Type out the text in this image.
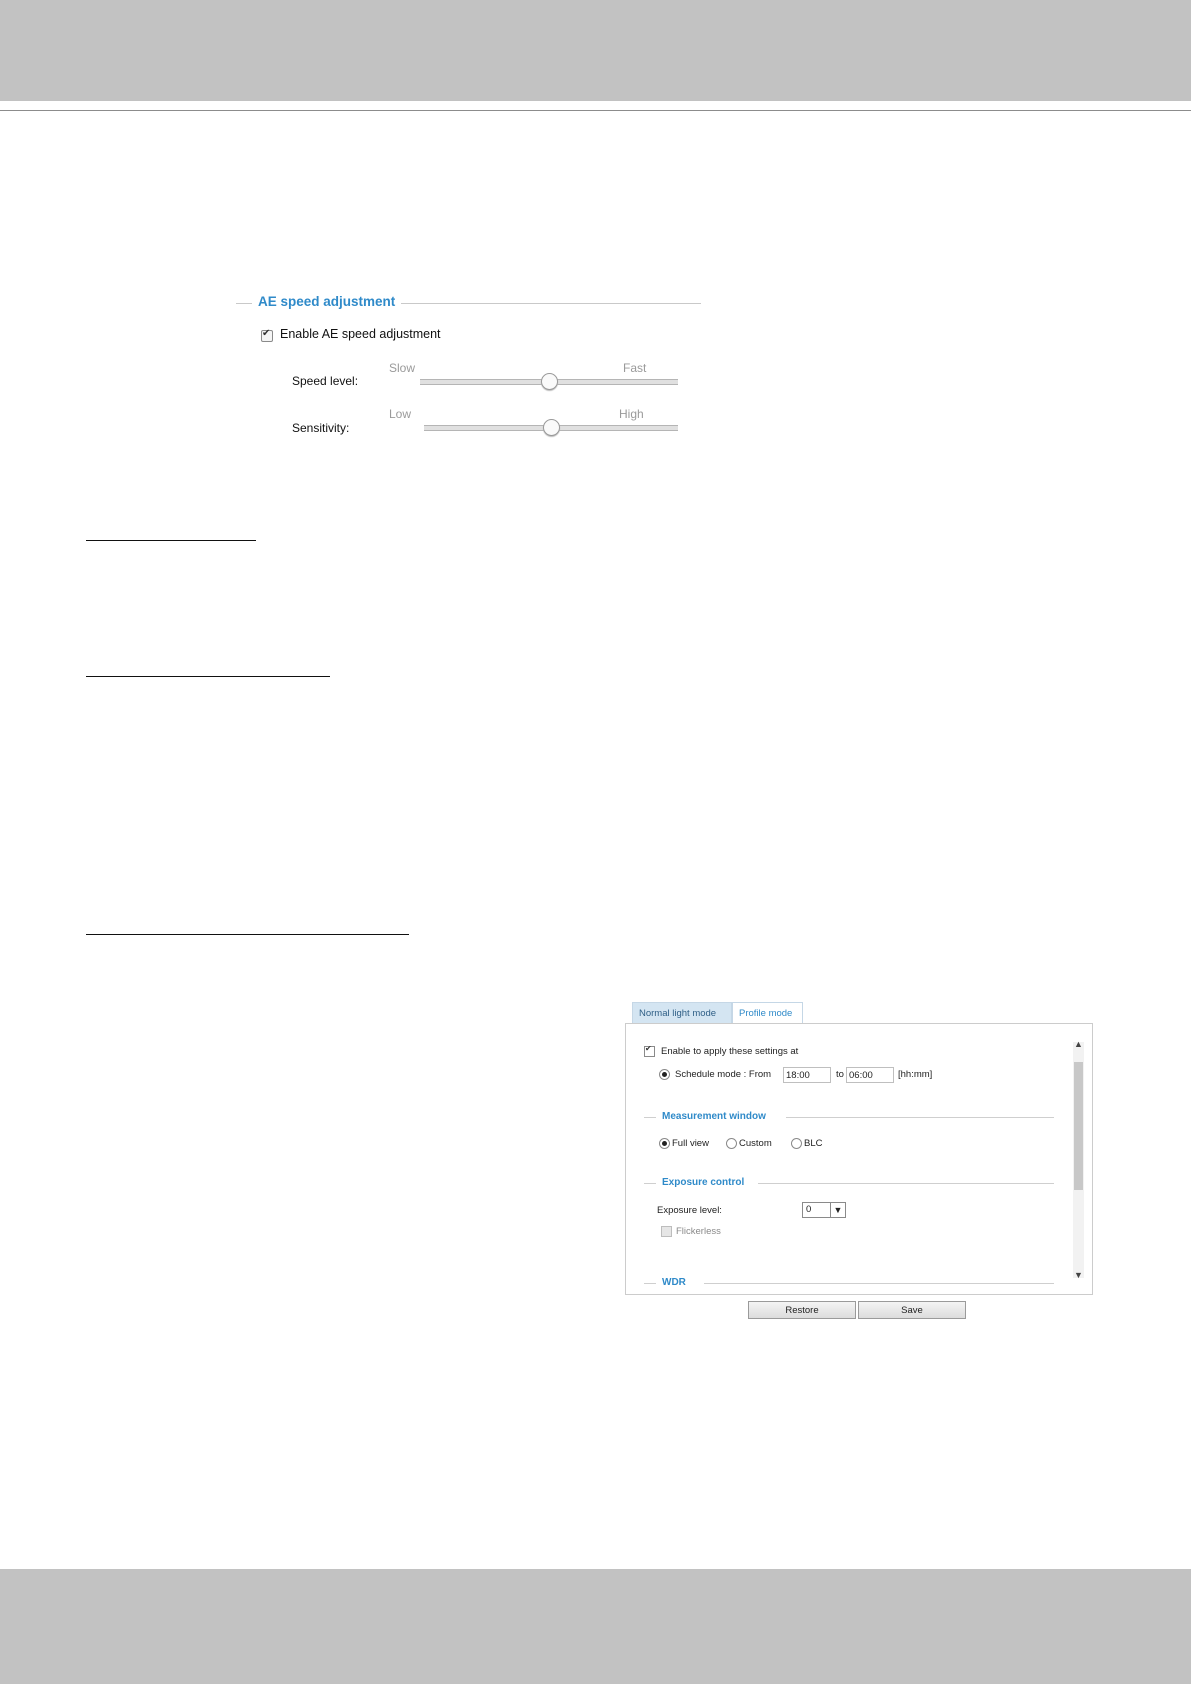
AE speed adjustment
✔
Enable AE speed adjustment
Slow	Fast
Speed level:
Low	High
Sensitivity:
Normal light mode	Profile mode
✔
Enable to apply these settings at
Schedule mode : From	18:00	to 06:00	[hh:mm]
Measurement window
Full view	Custom	BLC
Exposure control
Exposure level:	0	▼
Flickerless
WDR
▲
▼
Restore	Save
